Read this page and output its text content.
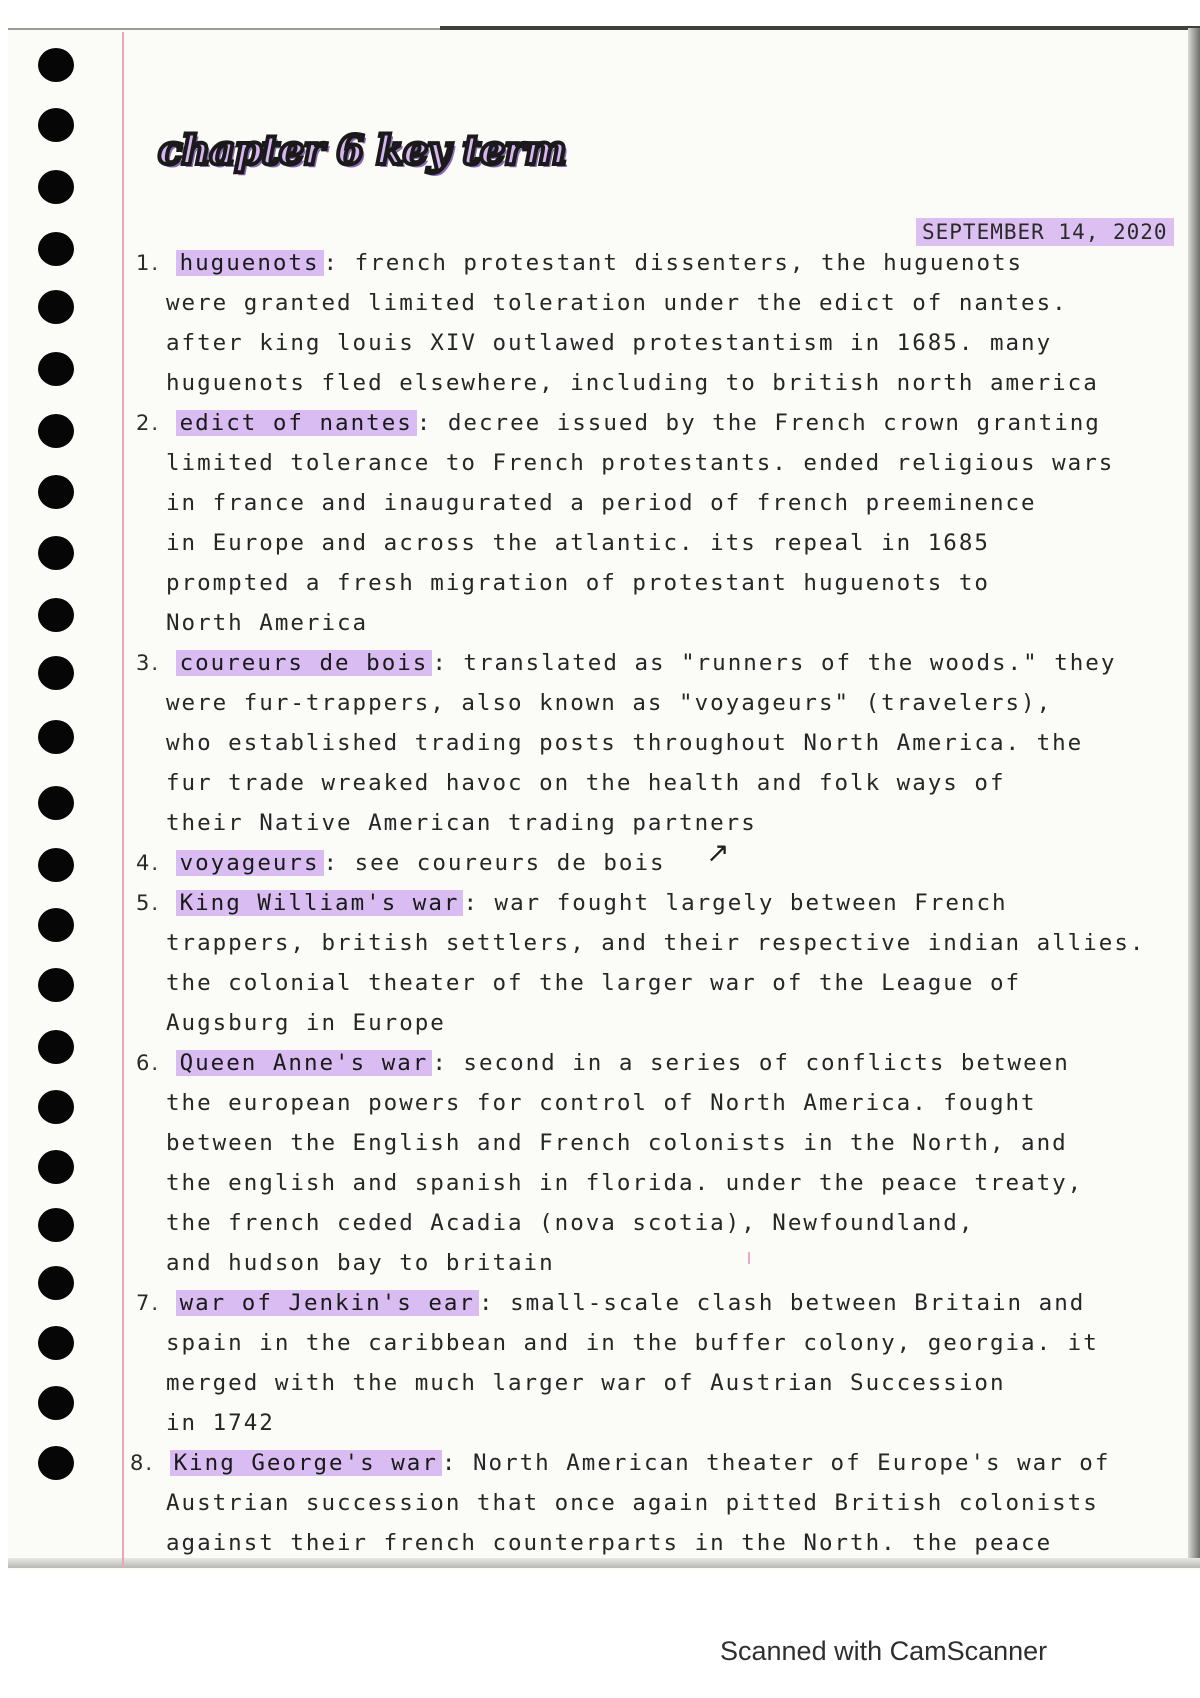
chapter 6 key term
SEPTEMBER 14, 2020
1. huguenots : french protestant dissenters, the huguenots
were granted limited toleration under the edict of nantes.
after king louis XIV outlawed protestantism in 1685. many
huguenots fled elsewhere, including to british north america
2. edict of nantes : decree issued by the French crown granting
limited tolerance to French protestants. ended religious wars
in france and inaugurated a period of french preeminence
in Europe and across the atlantic. its repeal in 1685
prompted a fresh migration of protestant huguenots to
North America
3. coureurs de bois : translated as "runners of the woods." they
were fur-trappers, also known as "voyageurs" (travelers),
who established trading posts throughout North America. the
fur trade wreaked havoc on the health and folk ways of
their Native American trading partners
4. voyageurs : see coureurs de bois
5. King William's war : war fought largely between French
trappers, british settlers, and their respective indian allies.
the colonial theater of the larger war of the League of
Augsburg in Europe
6. Queen Anne's war : second in a series of conflicts between
the european powers for control of North America. fought
between the English and French colonists in the North, and
the english and spanish in florida. under the peace treaty,
the french ceded Acadia (nova scotia), Newfoundland,
and hudson bay to britain
7. war of Jenkin's ear : small-scale clash between Britain and
spain in the caribbean and in the buffer colony, georgia. it
merged with the much larger war of Austrian Succession
in 1742
8. King George's war : North American theater of Europe's war of
Austrian succession that once again pitted British colonists
against their french counterparts in the North. the peace
↗
Scanned with CamScanner
